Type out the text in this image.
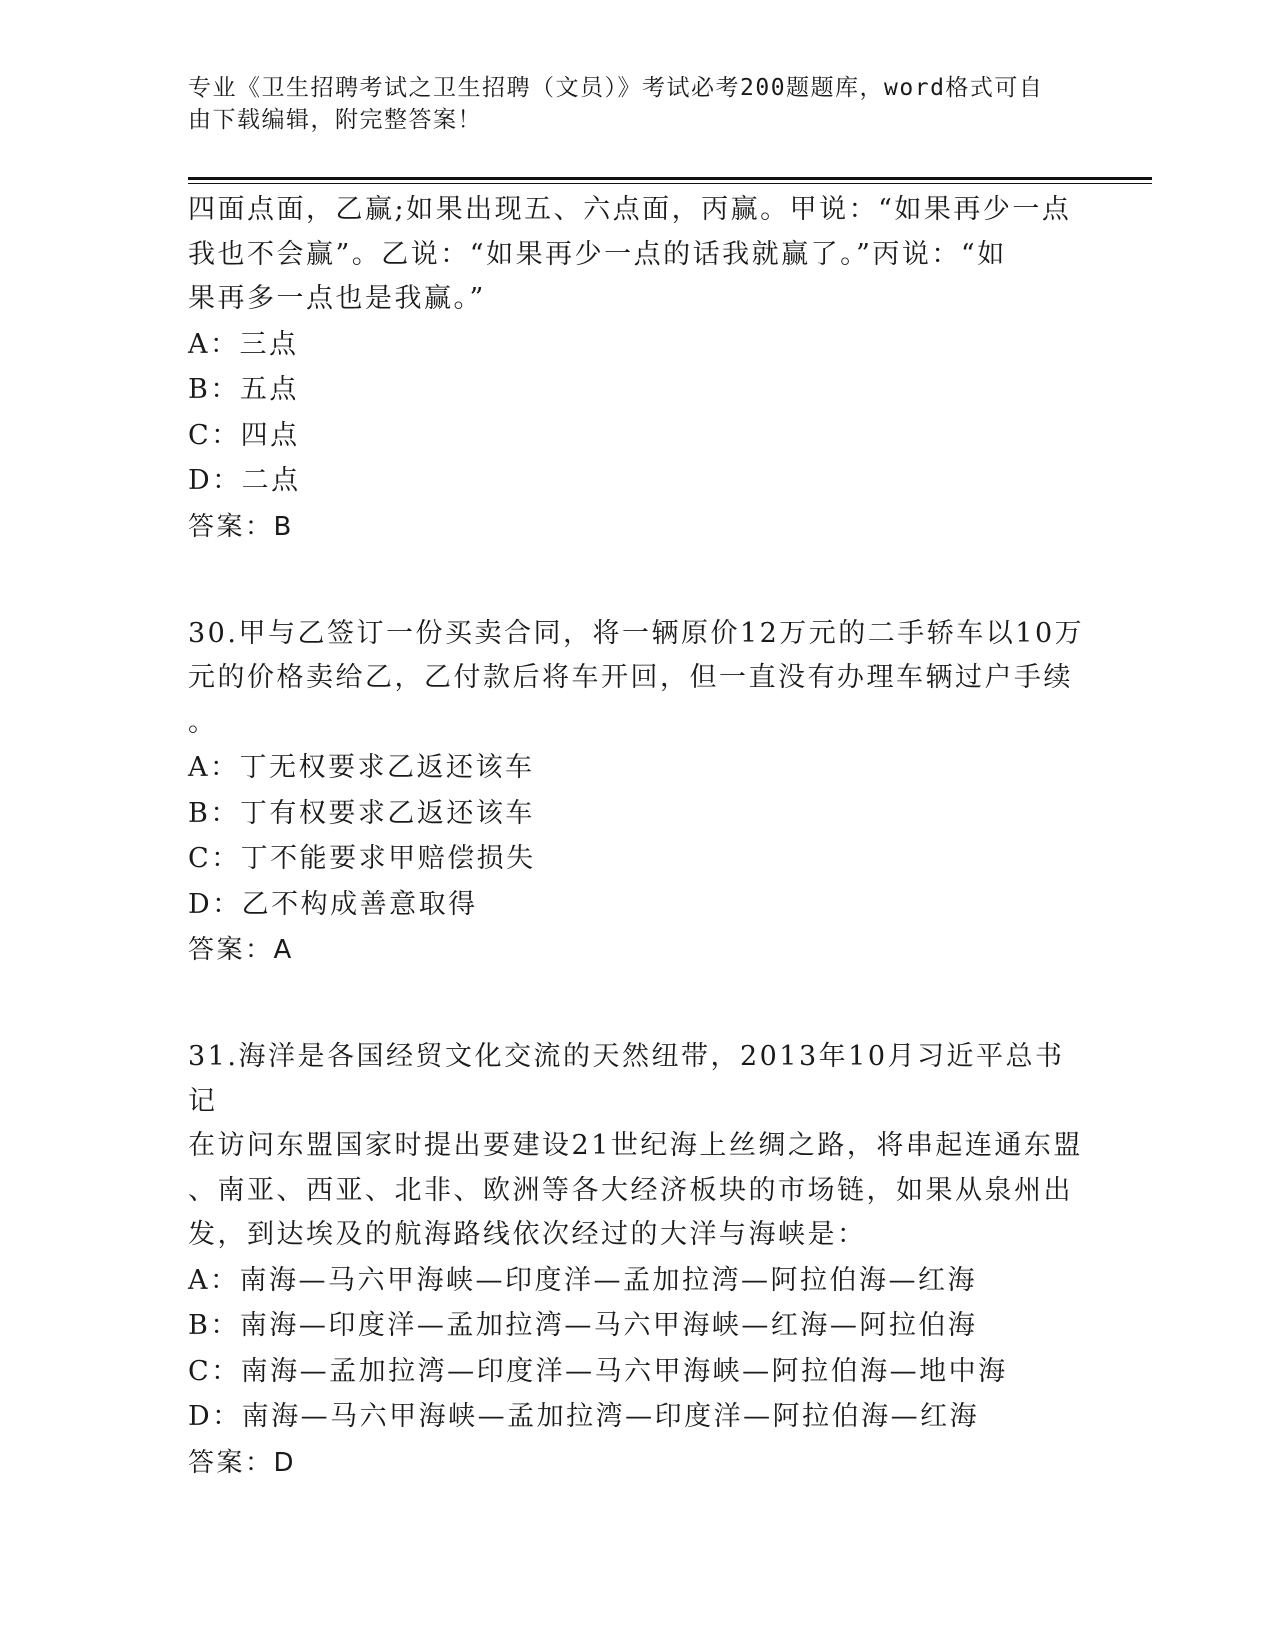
专业《卫生招聘考试之卫生招聘（文员）》考试必考200题题库，word格式可自
由下载编辑，附完整答案！

四面点面，乙赢;如果出现五、六点面，丙赢。甲说：“如果再少一点

我也不会赢”。乙说：“如果再少一点的话我就赢了。”丙说：“如

果再多一点也是我赢。”

A：三点

B：五点

C：四点

D：二点

答案：B

30.甲与乙签订一份买卖合同，将一辆原价12万元的二手轿车以10万

元的价格卖给乙，乙付款后将车开回，但一直没有办理车辆过户手续

。

A：丁无权要求乙返还该车

B：丁有权要求乙返还该车

C：丁不能要求甲赔偿损失

D：乙不构成善意取得

答案：A

31.海洋是各国经贸文化交流的天然纽带，2013年10月习近平总书记

在访问东盟国家时提出要建设21世纪海上丝绸之路，将串起连通东盟

、南亚、西亚、北非、欧洲等各大经济板块的市场链，如果从泉州出

发，到达埃及的航海路线依次经过的大洋与海峡是：

A：南海—马六甲海峡—印度洋—孟加拉湾—阿拉伯海—红海

B：南海—印度洋—孟加拉湾—马六甲海峡—红海—阿拉伯海

C：南海—孟加拉湾—印度洋—马六甲海峡—阿拉伯海—地中海

D：南海—马六甲海峡—孟加拉湾—印度洋—阿拉伯海—红海

答案：D
